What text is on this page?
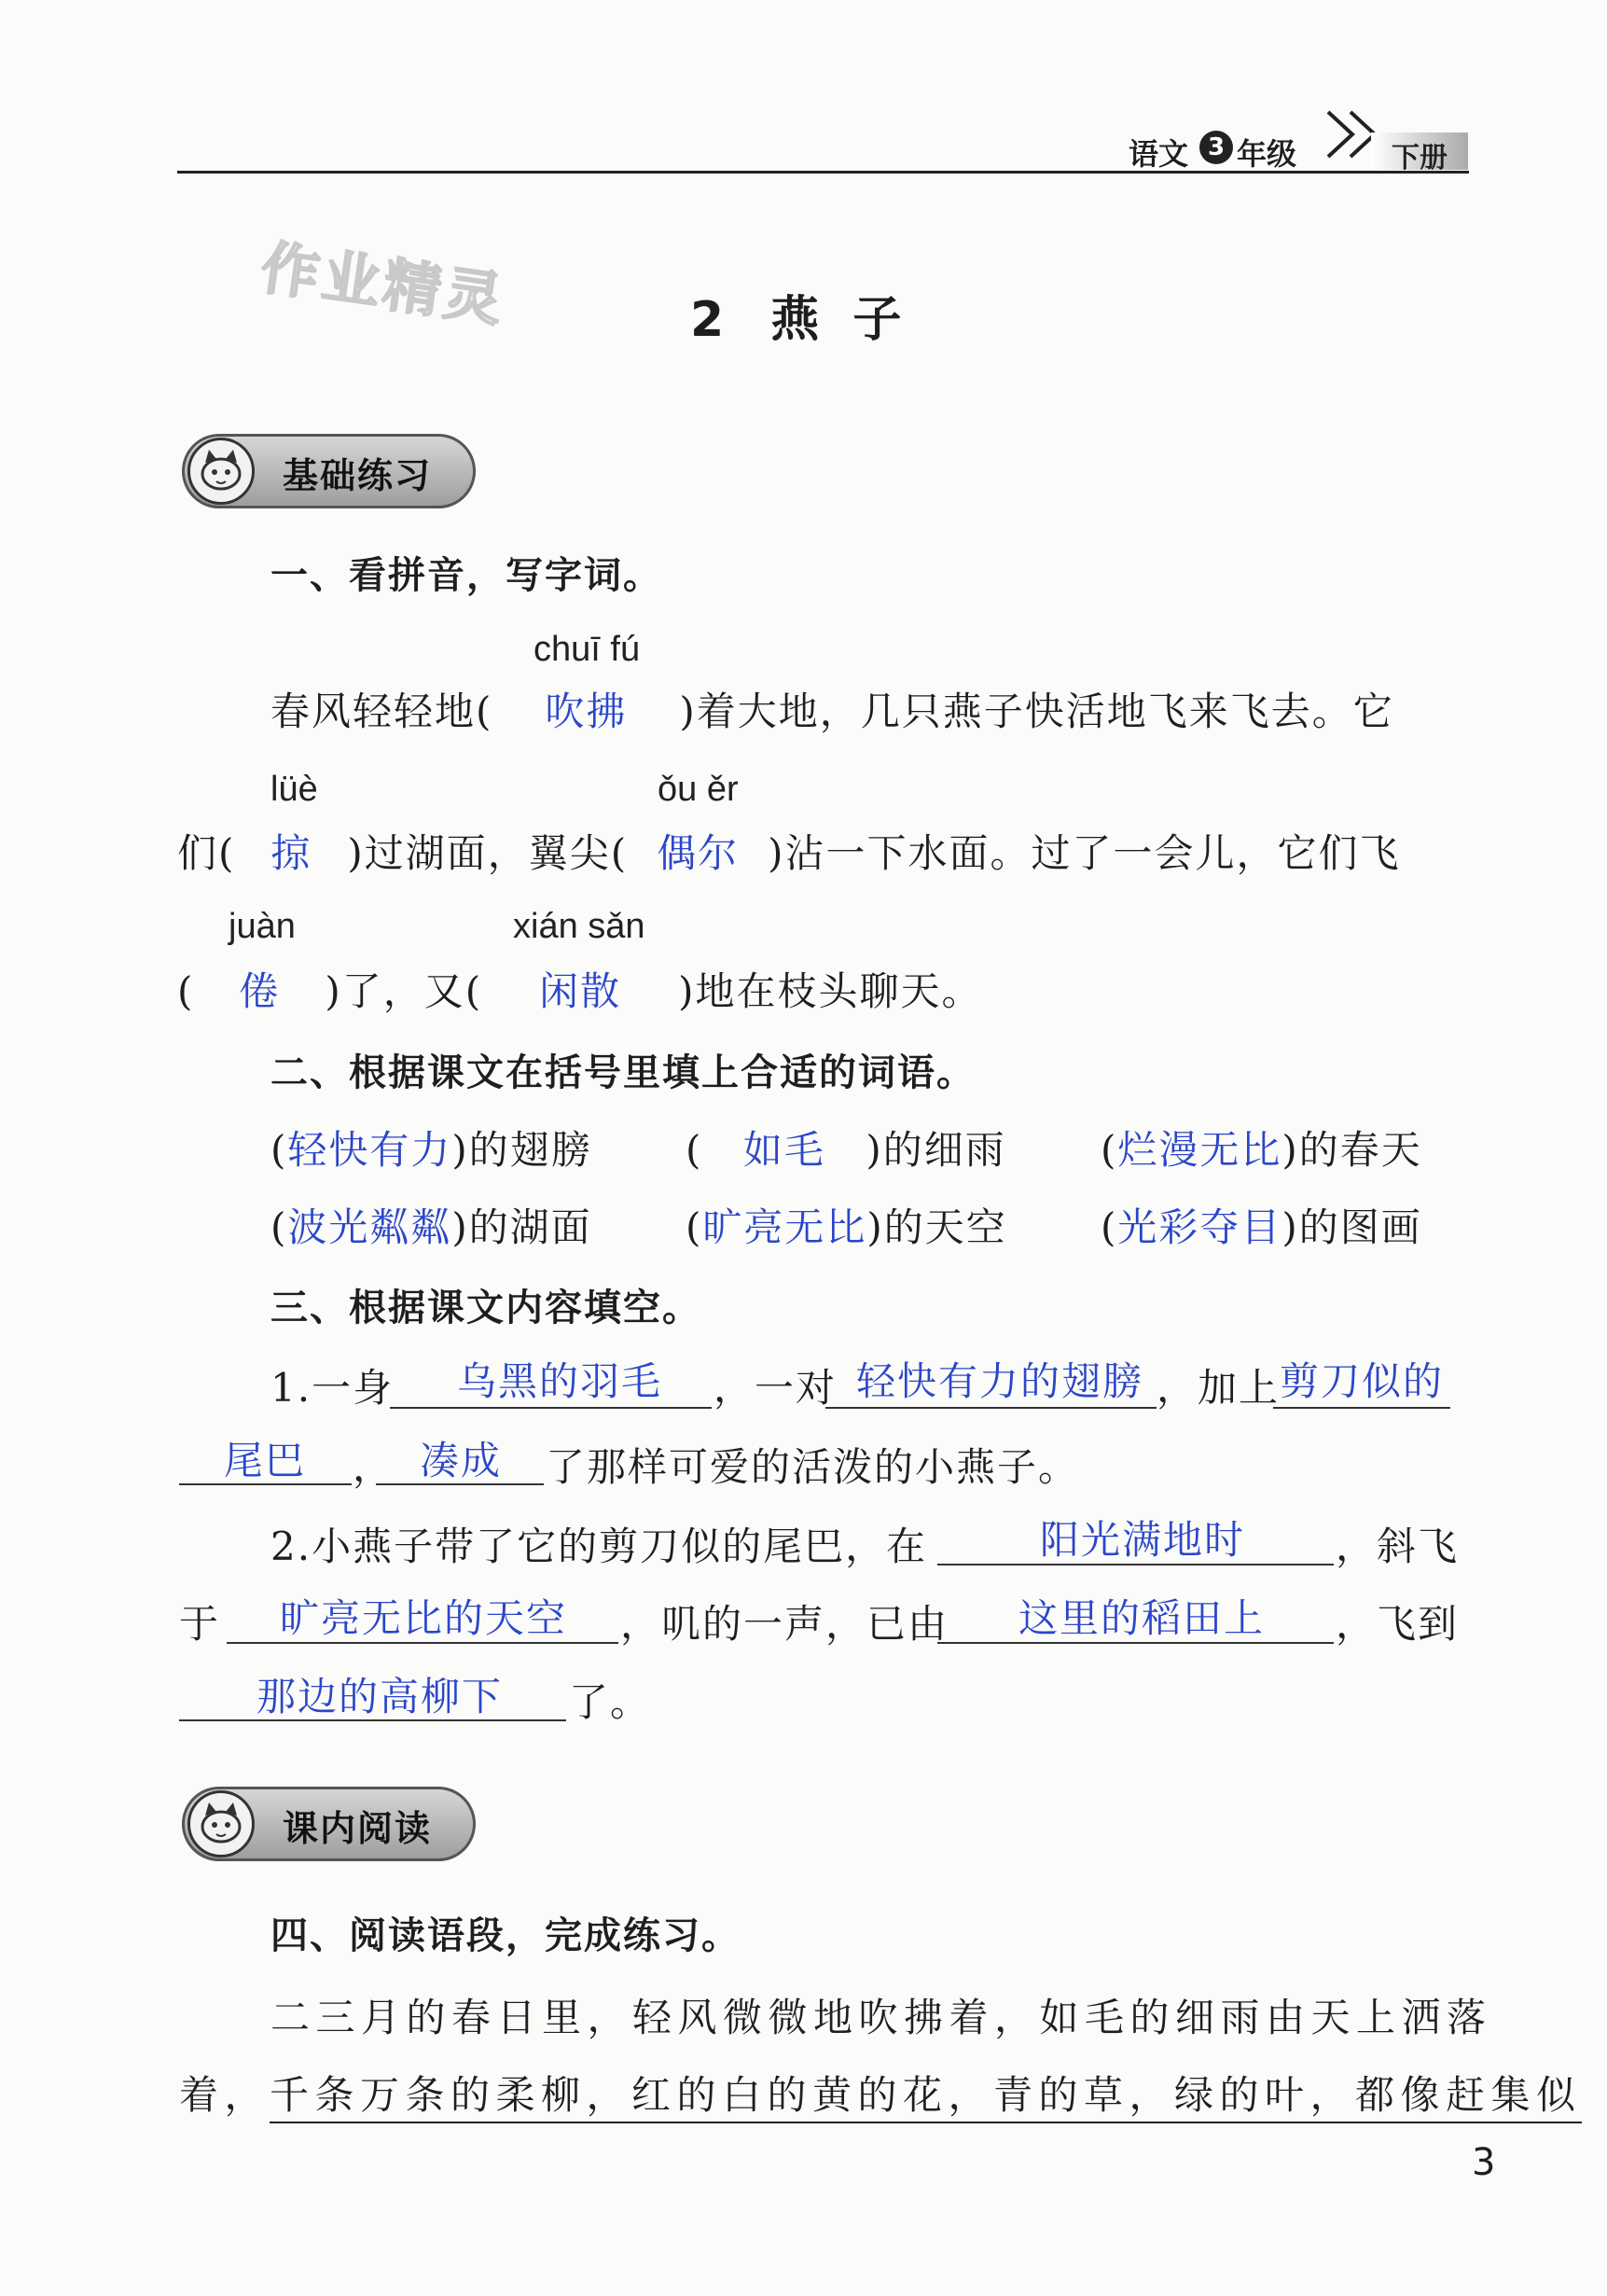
语文 3 年级	下册
作业精灵	2 燕  子
基础练习
一、看拼音，写字词。
chuī fú
春风轻轻地( 吹拂 )着大地，几只燕子快活地飞来飞去。它
lüè	ǒu ěr
们( 掠 )过湖面，翼尖( 偶尔 )沾一下水面。过了一会儿，它们飞
juàn	xián sǎn
( 倦 )了，又( 闲散 )地在枝头聊天。
二、根据课文在括号里填上合适的词语。
(轻快有力)的翅膀 ( 如毛 )的细雨 (烂漫无比)的春天
(波光粼粼)的湖面 (旷亮无比)的天空 (光彩夺目)的图画
三、根据课文内容填空。
1.一身 乌黑的羽毛 ，一对 轻快有力的翅膀 ，加上 剪刀似的
尾巴 ， 凑成 了那样可爱的活泼的小燕子。
2.小燕子带了它的剪刀似的尾巴，在	阳光满地时 ，斜飞
于 旷亮无比的天空 ，叽的一声，已由 这里的稻田上 ，飞到
那边的高柳下 了。
课内阅读
四、阅读语段，完成练习。
二三月的春日里，轻风微微地吹拂着，如毛的细雨由天上洒落
着，千条万条的柔柳，红的白的黄的花，青的草，绿的叶，都像赶集似
3
